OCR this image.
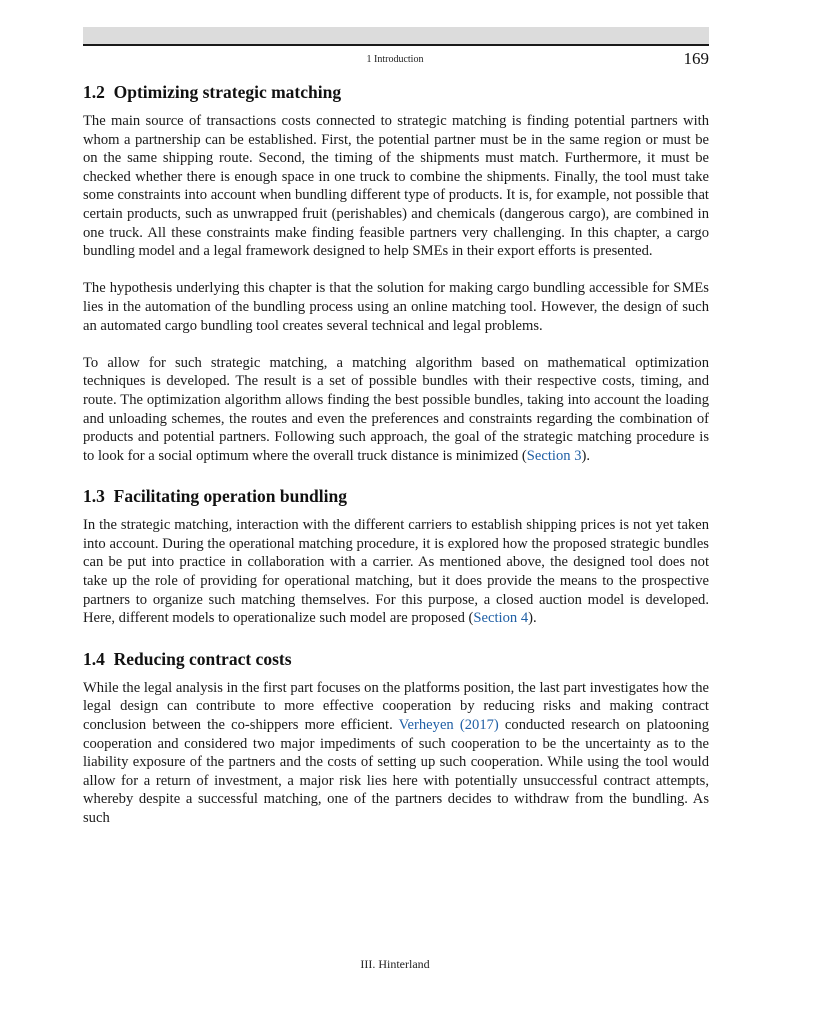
1 Introduction	169
1.2 Optimizing strategic matching

The main source of transactions costs connected to strategic matching is finding potential partners with whom a partnership can be established. First, the potential partner must be in the same region or must be on the same shipping route. Second, the timing of the shipments must match. Furthermore, it must be checked whether there is enough space in one truck to combine the shipments. Finally, the tool must take some constraints into account when bundling different type of products. It is, for example, not possible that certain products, such as unwrapped fruit (perishables) and chemicals (dangerous cargo), are combined in one truck. All these constraints make finding feasible partners very challenging. In this chapter, a cargo bundling model and a legal framework designed to help SMEs in their export efforts is presented.

The hypothesis underlying this chapter is that the solution for making cargo bundling accessible for SMEs lies in the automation of the bundling process using an online matching tool. However, the design of such an automated cargo bundling tool creates several technical and legal problems.

To allow for such strategic matching, a matching algorithm based on mathematical optimization techniques is developed. The result is a set of possible bundles with their respective costs, timing, and route. The optimization algorithm allows finding the best possible bundles, taking into account the loading and unloading schemes, the routes and even the preferences and constraints regarding the combination of products and potential partners. Following such approach, the goal of the strategic matching procedure is to look for a social optimum where the overall truck distance is minimized (Section 3).

1.3 Facilitating operation bundling

In the strategic matching, interaction with the different carriers to establish shipping prices is not yet taken into account. During the operational matching procedure, it is explored how the proposed strategic bundles can be put into practice in collaboration with a carrier. As mentioned above, the designed tool does not take up the role of providing for operational matching, but it does provide the means to the prospective partners to organize such matching themselves. For this purpose, a closed auction model is developed. Here, different models to operationalize such model are proposed (Section 4).

1.4 Reducing contract costs

While the legal analysis in the first part focuses on the platforms position, the last part investigates how the legal design can contribute to more effective cooperation by reducing risks and making contract conclusion between the co-shippers more efficient. Verheyen (2017) conducted research on platooning cooperation and considered two major impediments of such cooperation to be the uncertainty as to the liability exposure of the partners and the costs of setting up such cooperation. While using the tool would allow for a return of investment, a major risk lies here with potentially unsuccessful contract attempts, whereby despite a successful matching, one of the partners decides to withdraw from the bundling. As such

III. Hinterland
